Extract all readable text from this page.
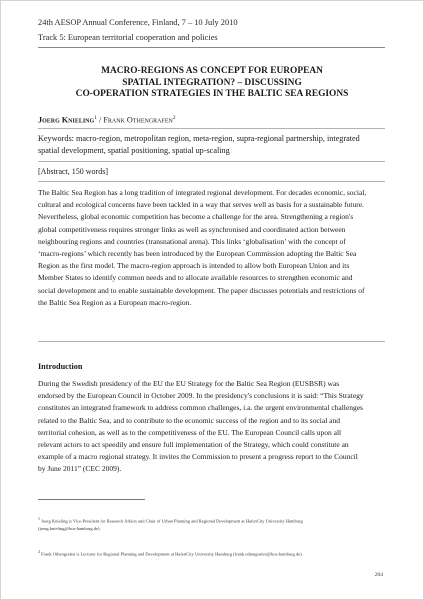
24th AESOP Annual Conference, Finland, 7 – 10 July 2010
Track 5: European territorial cooperation and policies
MACRO-REGIONS AS CONCEPT FOR EUROPEAN
SPATIAL INTEGRATION? – DISCUSSING
CO-OPERATION STRATEGIES IN THE BALTIC SEA REGIONS
Joerg Knieling$^1$ / Frank Othengrafen$^2$
Keywords: macro-region, metropolitan region, meta-region, supra-regional partnership, integrated
spatial development, spatial positioning, spatial up-scaling
[Abstract, 150 words]
The Baltic Sea Region has a long tradition of integrated regional development. For decades economic, social,
cultural and ecological concerns have been tackled in a way that serves well as basis for a sustainable future.
Nevertheless, global economic competition has become a challenge for the area. Strengthening a region's
global competitiveness requires stronger links as well as synchronised and coordinated action between
neighbouring regions and countries (transnational arena). This links ‘globalisation’ with the concept of
‘macro-regions’ which recently has been introduced by the European Commission adopting the Baltic Sea
Region as the first model. The macro-region approach is intended to allow both European Union and its
Member States to identify common needs and to allocate available resources to strengthen economic and
social development and to enable sustainable development. The paper discusses potentials and restrictions of
the Baltic Sea Region as a European macro-region.
Introduction
During the Swedish presidency of the EU the EU Strategy for the Baltic Sea Region (EUSBSR) was
endorsed by the European Council in October 2009. In the presidency's conclusions it is said: “This Strategy
constitutes an integrated framework to address common challenges, i.a. the urgent environmental challenges
related to the Baltic Sea, and to contribute to the economic success of the region and to its social and
territorial cohesion, as well as to the competitiveness of the EU. The European Council calls upon all
relevant actors to act speedily and ensure full implementation of the Strategy, which could constitute an
example of a macro regional strategy. It invites the Commission to present a progress report to the Council
by June 2011” (CEC 2009).
$^1$ Joerg Knieling is Vice-President for Research Affairs and Chair of Urban Planning and Regional Development at HafenCity University Hamburg
(joerg.knieling@hcu-hamburg.de).
$^2$ Frank Othengrafen is Lecturer for Regional Planning and Development at HafenCity University Hamburg (frank.othengrafen@hcu-hamburg.de).
204
